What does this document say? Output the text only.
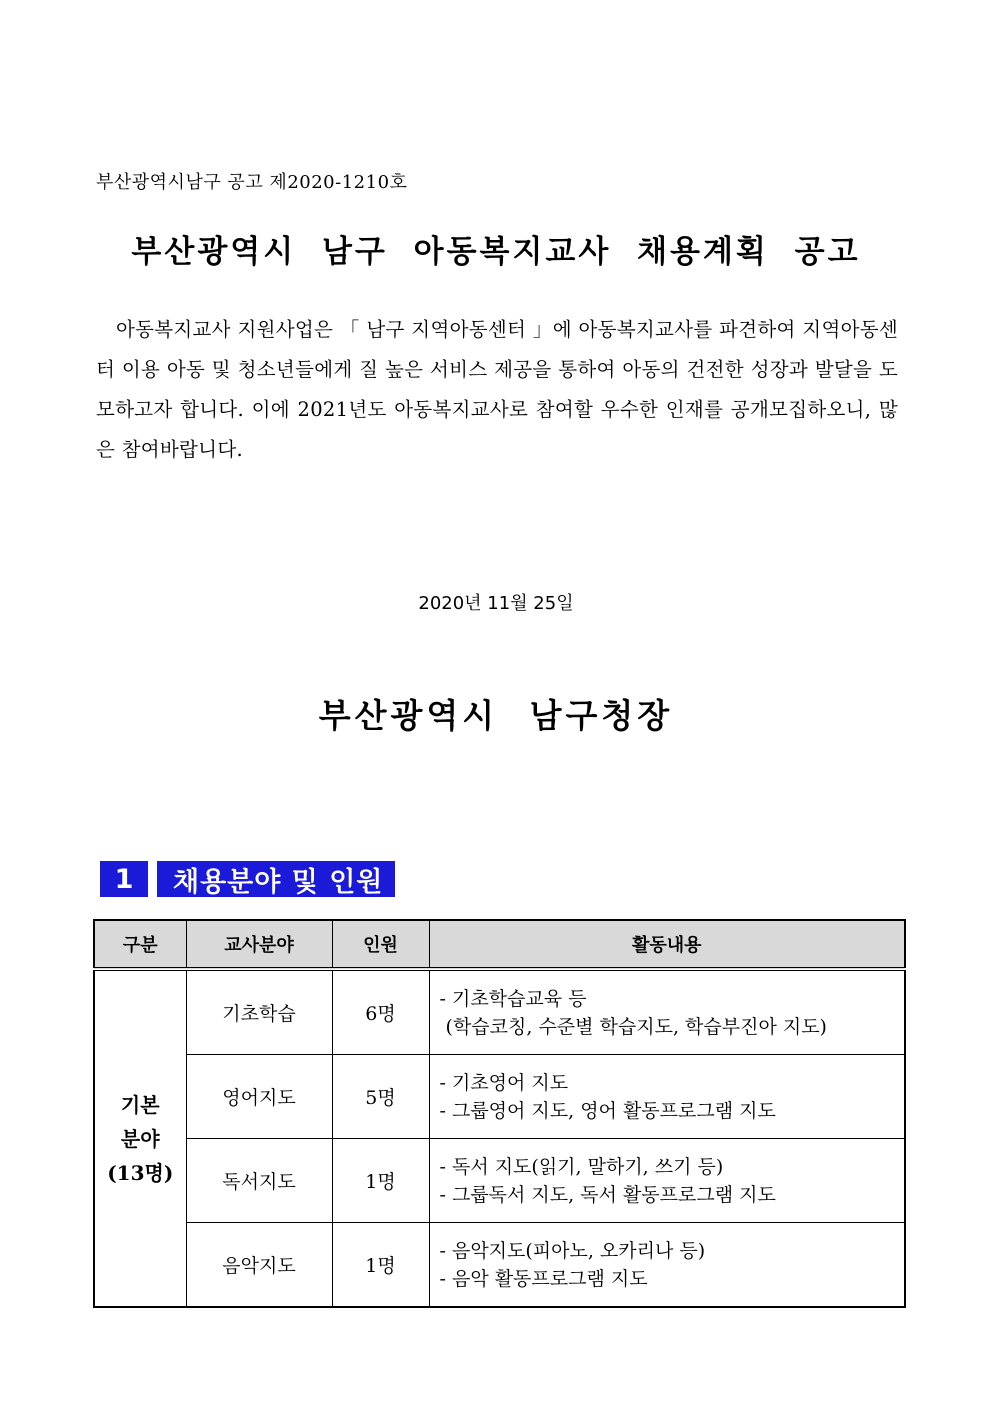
부산광역시남구 공고 제2020-1210호
부산광역시 남구 아동복지교사 채용계획 공고
아동복지교사 지원사업은 「 남구 지역아동센터 」에 아동복지교사를 파견하여 지역아동센터 이용 아동 및 청소년들에게 질 높은 서비스 제공을 통하여 아동의 건전한 성장과 발달을 도모하고자 합니다. 이에 2021년도 아동복지교사로 참여할 우수한 인재를 공개모집하오니, 많은 참여바랍니다.
2020년 11월 25일
부산광역시 남구청장
1	채용분야 및 인원
구분	교사분야	인원	활동내용
기본
분야
(13명)	기초학습	6명	- 기초학습교육 등
(학습코칭, 수준별 학습지도, 학습부진아 지도)

	영어지도	5명	- 기초영어 지도
- 그룹영어 지도, 영어 활동프로그램 지도

	독서지도	1명	- 독서 지도(읽기, 말하기, 쓰기 등)
- 그룹독서 지도, 독서 활동프로그램 지도

	음악지도	1명	- 음악지도(피아노, 오카리나 등)
- 음악 활동프로그램 지도
